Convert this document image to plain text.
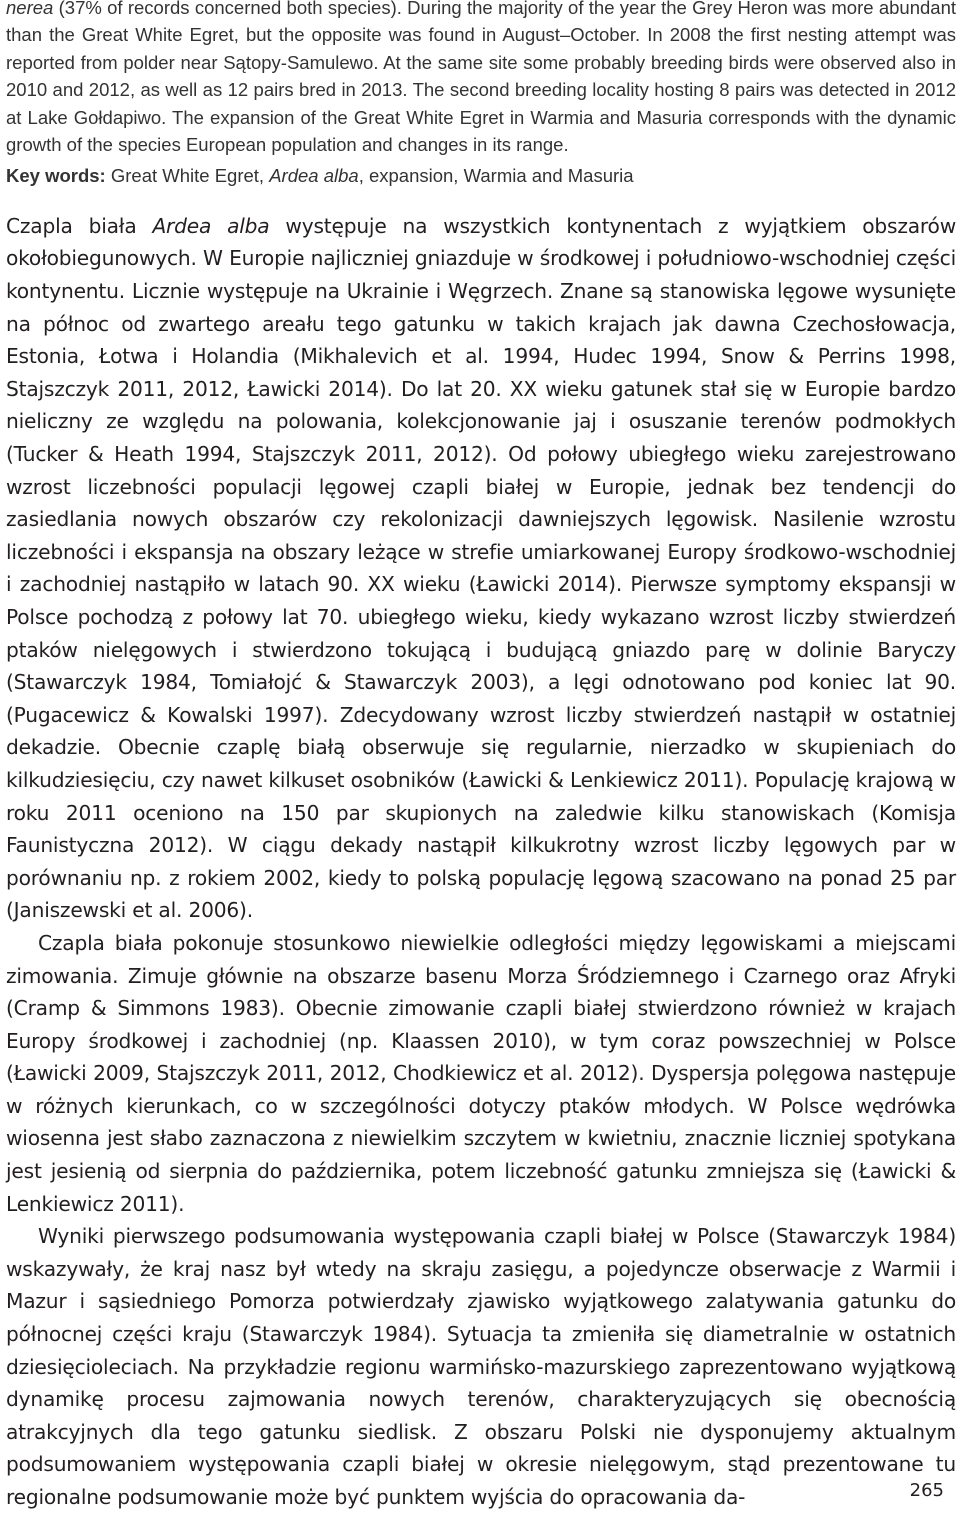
nerea (37% of records concerned both species). During the majority of the year the Grey Heron was more abundant than the Great White Egret, but the opposite was found in August–October. In 2008 the first nesting attempt was reported from polder near Sątopy-Samulewo. At the same site some probably breeding birds were observed also in 2010 and 2012, as well as 12 pairs bred in 2013. The second breeding locality hosting 8 pairs was detected in 2012 at Lake Gołdapiwo. The expansion of the Great White Egret in Warmia and Masuria corresponds with the dynamic growth of the species European population and changes in its range.

Key words: Great White Egret, Ardea alba, expansion, Warmia and Masuria

Czapla biała Ardea alba występuje na wszystkich kontynentach z wyjątkiem obszarów okołobiegunowych. W Europie najliczniej gniazduje w środkowej i południowo-wschodniej części kontynentu. Licznie występuje na Ukrainie i Węgrzech. Znane są stanowiska lęgowe wysunięte na północ od zwartego areału tego gatunku w takich krajach jak dawna Czechosłowacja, Estonia, Łotwa i Holandia (Mikhalevich et al. 1994, Hudec 1994, Snow & Perrins 1998, Stajszczyk 2011, 2012, Ławicki 2014). Do lat 20. XX wieku gatunek stał się w Europie bardzo nieliczny ze względu na polowania, kolekcjonowanie jaj i osuszanie terenów podmokłych (Tucker & Heath 1994, Stajszczyk 2011, 2012). Od połowy ubiegłego wieku zarejestrowano wzrost liczebności populacji lęgowej czapli białej w Europie, jednak bez tendencji do zasiedlania nowych obszarów czy rekolonizacji dawniejszych lęgowisk. Nasilenie wzrostu liczebności i ekspansja na obszary leżące w strefie umiarkowanej Europy środkowo-wschodniej i zachodniej nastąpiło w latach 90. XX wieku (Ławicki 2014). Pierwsze symptomy ekspansji w Polsce pochodzą z połowy lat 70. ubiegłego wieku, kiedy wykazano wzrost liczby stwierdzeń ptaków nielęgowych i stwierdzono tokującą i budującą gniazdo parę w dolinie Baryczy (Stawarczyk 1984, Tomiałojć & Stawarczyk 2003), a lęgi odnotowano pod koniec lat 90. (Pugacewicz & Kowalski 1997). Zdecydowany wzrost liczby stwierdzeń nastąpił w ostatniej dekadzie. Obecnie czaplę białą obserwuje się regularnie, nierzadko w skupieniach do kilkudziesięciu, czy nawet kilkuset osobników (Ławicki & Lenkiewicz 2011). Populację krajową w roku 2011 oceniono na 150 par skupionych na zaledwie kilku stanowiskach (Komisja Faunistyczna 2012). W ciągu dekady nastąpił kilkukrotny wzrost liczby lęgowych par w porównaniu np. z rokiem 2002, kiedy to polską populację lęgową szacowano na ponad 25 par (Janiszewski et al. 2006).

Czapla biała pokonuje stosunkowo niewielkie odległości między lęgowiskami a miejscami zimowania. Zimuje głównie na obszarze basenu Morza Śródziemnego i Czarnego oraz Afryki (Cramp & Simmons 1983). Obecnie zimowanie czapli białej stwierdzono również w krajach Europy środkowej i zachodniej (np. Klaassen 2010), w tym coraz powszechniej w Polsce (Ławicki 2009, Stajszczyk 2011, 2012, Chodkiewicz et al. 2012). Dyspersja polęgowa następuje w różnych kierunkach, co w szczególności dotyczy ptaków młodych. W Polsce wędrówka wiosenna jest słabo zaznaczona z niewielkim szczytem w kwietniu, znacznie liczniej spotykana jest jesienią od sierpnia do października, potem liczebność gatunku zmniejsza się (Ławicki & Lenkiewicz 2011).

Wyniki pierwszego podsumowania występowania czapli białej w Polsce (Stawarczyk 1984) wskazywały, że kraj nasz był wtedy na skraju zasięgu, a pojedyncze obserwacje z Warmii i Mazur i sąsiedniego Pomorza potwierdzały zjawisko wyjątkowego zalatywania gatunku do północnej części kraju (Stawarczyk 1984). Sytuacja ta zmieniła się diametralnie w ostatnich dziesięcioleciach. Na przykładzie regionu warmińsko-mazurskiego zaprezentowano wyjątkową dynamikę procesu zajmowania nowych terenów, charakteryzujących się obecnością atrakcyjnych dla tego gatunku siedlisk. Z obszaru Polski nie dysponujemy aktualnym podsumowaniem występowania czapli białej w okresie nielęgowym, stąd prezentowane tu regionalne podsumowanie może być punktem wyjścia do opracowania da-	265
